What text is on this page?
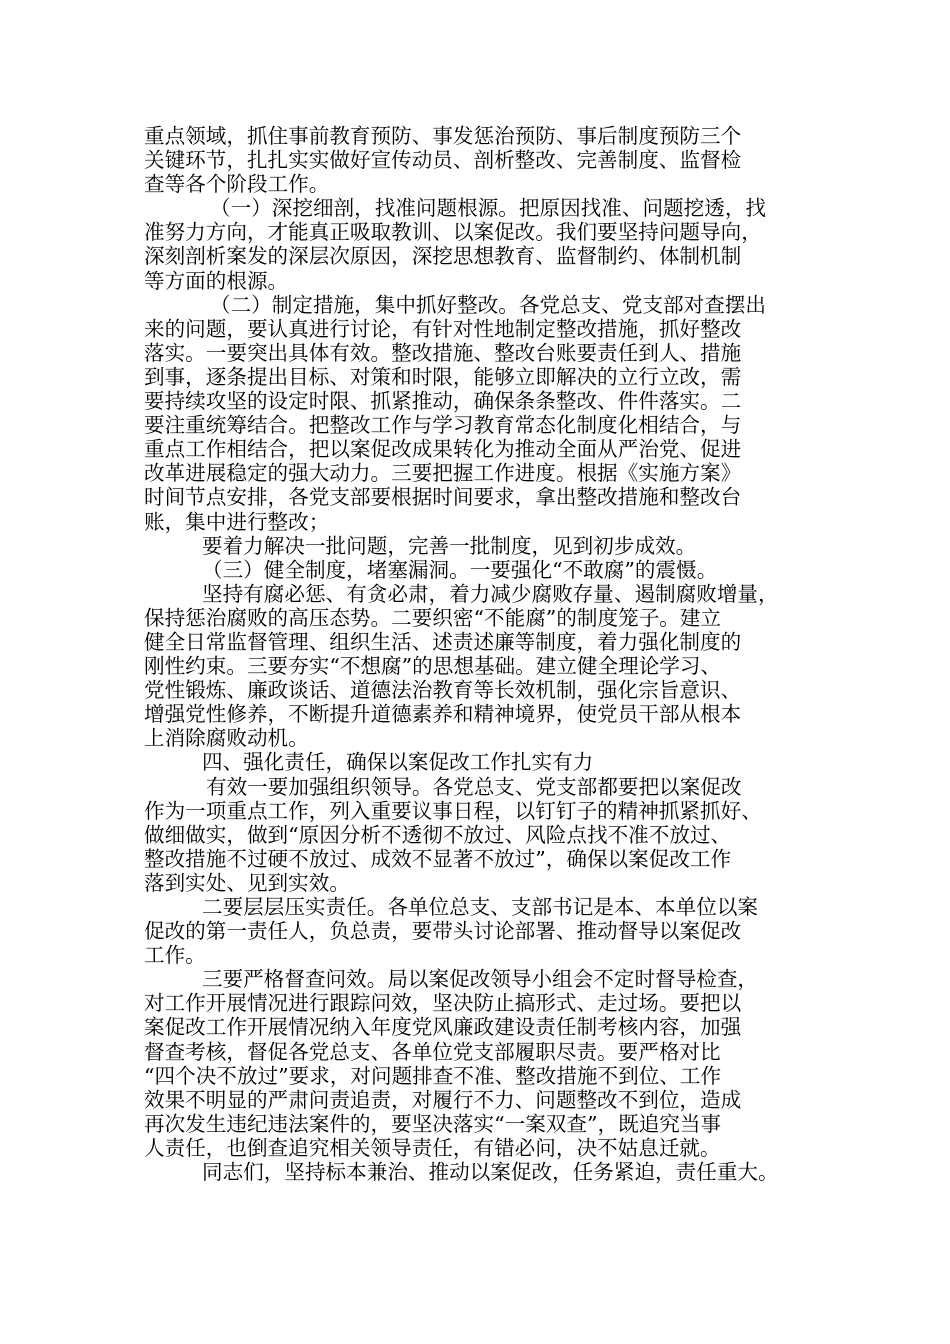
重点领域，抓住事前教育预防、事发惩治预防、事后制度预防三个
关键环节，扎扎实实做好宣传动员、剖析整改、完善制度、监督检
查等各个阶段工作。
（一）深挖细剖，找准问题根源。把原因找准、问题挖透，找
准努力方向，才能真正吸取教训、以案促改。我们要坚持问题导向，
深刻剖析案发的深层次原因，深挖思想教育、监督制约、体制机制
等方面的根源。
（二）制定措施，集中抓好整改。各党总支、党支部对查摆出
来的问题，要认真进行讨论，有针对性地制定整改措施，抓好整改
落实。一要突出具体有效。整改措施、整改台账要责任到人、措施
到事，逐条提出目标、对策和时限，能够立即解决的立行立改，需
要持续攻坚的设定时限、抓紧推动，确保条条整改、件件落实。二
要注重统筹结合。把整改工作与学习教育常态化制度化相结合，与
重点工作相结合，把以案促改成果转化为推动全面从严治党、促进
改革进展稳定的强大动力。三要把握工作进度。根据《实施方案》
时间节点安排，各党支部要根据时间要求，拿出整改措施和整改台
账，集中进行整改；
要着力解决一批问题，完善一批制度，见到初步成效。
（三）健全制度，堵塞漏洞。一要强化“不敢腐”的震慑。
坚持有腐必惩、有贪必肃，着力减少腐败存量、遏制腐败增量，
保持惩治腐败的高压态势。二要织密“不能腐”的制度笼子。建立
健全日常监督管理、组织生活、述责述廉等制度，着力强化制度的
刚性约束。三要夯实“不想腐”的思想基础。建立健全理论学习、
党性锻炼、廉政谈话、道德法治教育等长效机制，强化宗旨意识、
增强党性修养，不断提升道德素养和精神境界，使党员干部从根本
上消除腐败动机。
四、强化责任，确保以案促改工作扎实有力
有效一要加强组织领导。各党总支、党支部都要把以案促改
作为一项重点工作，列入重要议事日程，以钉钉子的精神抓紧抓好、
做细做实，做到“原因分析不透彻不放过、风险点找不准不放过、
整改措施不过硬不放过、成效不显著不放过”，确保以案促改工作
落到实处、见到实效。
二要层层压实责任。各单位总支、支部书记是本、本单位以案
促改的第一责任人，负总责，要带头讨论部署、推动督导以案促改
工作。
三要严格督查问效。局以案促改领导小组会不定时督导检查，
对工作开展情况进行跟踪问效，坚决防止搞形式、走过场。要把以
案促改工作开展情况纳入年度党风廉政建设责任制考核内容，加强
督查考核，督促各党总支、各单位党支部履职尽责。要严格对比
“四个决不放过”要求，对问题排查不准、整改措施不到位、工作
效果不明显的严肃问责追责，对履行不力、问题整改不到位，造成
再次发生违纪违法案件的，要坚决落实“一案双查”，既追究当事
人责任，也倒查追究相关领导责任，有错必问，决不姑息迁就。
同志们，坚持标本兼治、推动以案促改，任务紧迫，责任重大。
